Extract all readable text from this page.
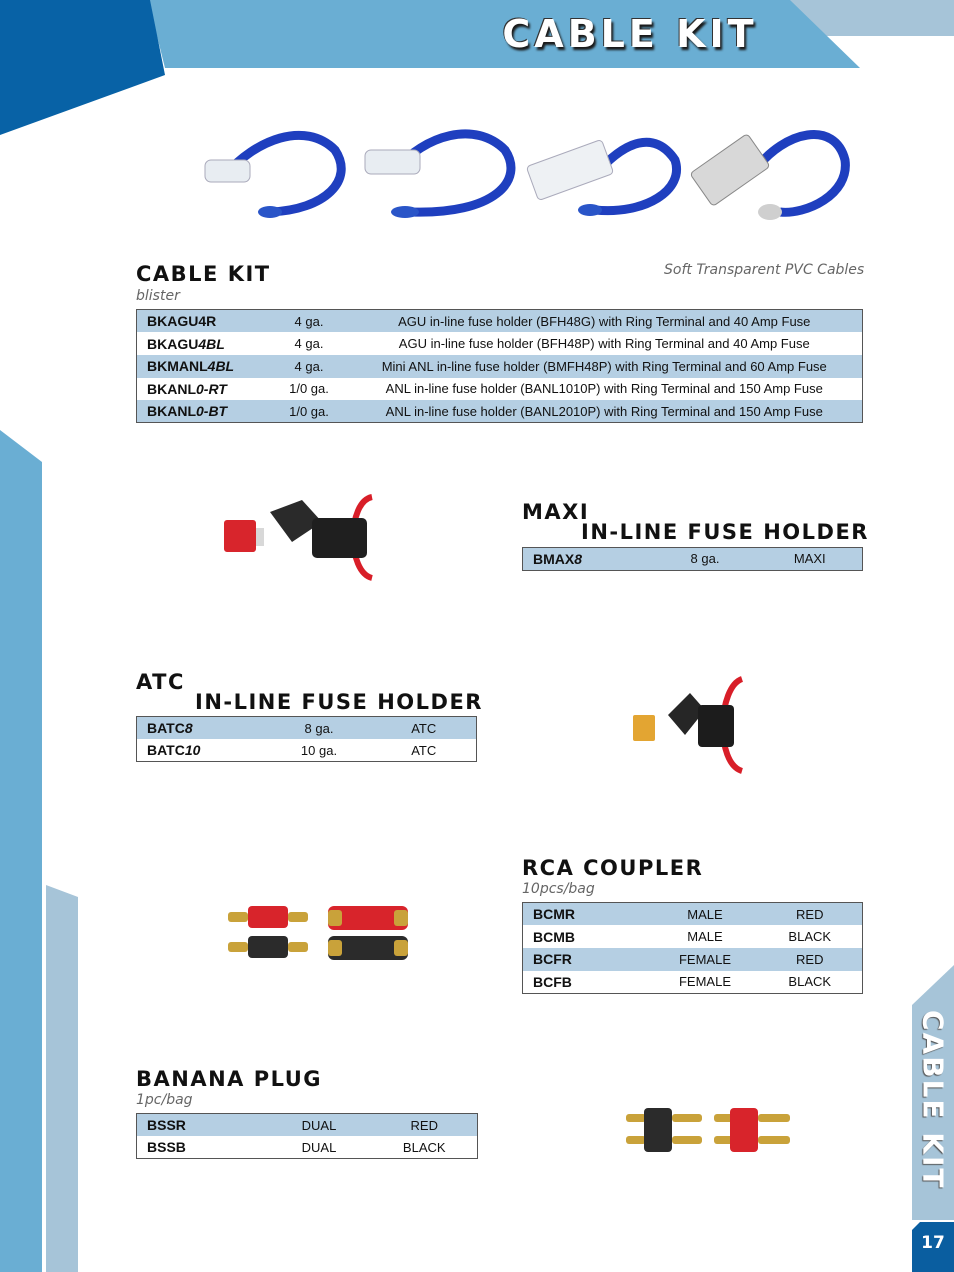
CABLE KIT
CABLE KIT
17
CABLE KIT
blister
Soft Transparent PVC Cables
BKAGU4R	4 ga.	AGU in-line fuse holder (BFH48G) with Ring Terminal and 40 Amp Fuse
BKAGU4BL	4 ga.	AGU in-line fuse holder (BFH48P) with Ring Terminal and 40 Amp Fuse
BKMANL4BL	4 ga.	Mini ANL in-line fuse holder (BMFH48P) with Ring Terminal and 60 Amp Fuse
BKANL0-RT	1/0 ga.	ANL in-line fuse holder (BANL1010P) with Ring Terminal and 150 Amp Fuse
BKANL0-BT	1/0 ga.	ANL in-line fuse holder (BANL2010P) with Ring Terminal and 150 Amp Fuse
MAXI
IN-LINE FUSE HOLDER
BMAX8	8 ga.	MAXI
ATC
IN-LINE FUSE HOLDER
BATC8	8 ga.	ATC
BATC10	10 ga.	ATC
RCA COUPLER
10pcs/bag
BCMR	MALE	RED
BCMB	MALE	BLACK
BCFR	FEMALE	RED
BCFB	FEMALE	BLACK
BANANA PLUG
1pc/bag
BSSR	DUAL	RED
BSSB	DUAL	BLACK
